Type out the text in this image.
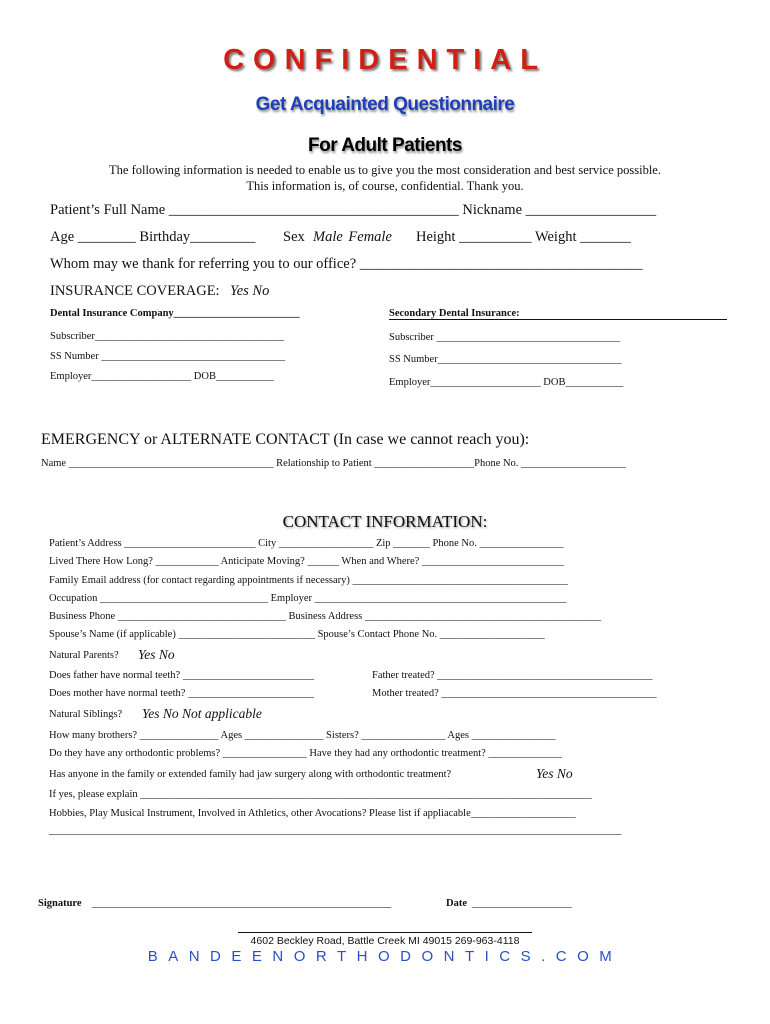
CONFIDENTIAL
Get Acquainted Questionnaire
For Adult Patients
The following information is needed to enable us to give you the most consideration and best service possible.
This information is, of course, confidential. Thank you.
Patient’s Full Name ________________________________________ Nickname __________________
Age ________ Birthday_________ Sex Male Female Height __________ Weight _______
Whom may we thank for referring you to our office? _______________________________________
INSURANCE COVERAGE: Yes No
Dental Insurance Company________________________	Secondary Dental Insurance:
Subscriber____________________________________	Subscriber ___________________________________
SS Number ___________________________________	SS Number___________________________________
Employer___________________ DOB___________
Employer_____________________ DOB___________
EMERGENCY or ALTERNATE CONTACT (In case we cannot reach you):
Name _______________________________________ Relationship to Patient ___________________Phone No. ____________________
CONTACT INFORMATION:
Patient’s Address _________________________ City __________________ Zip _______ Phone No. ________________
Lived There How Long? ____________ Anticipate Moving? ______ When and Where? ___________________________
Family Email address (for contact regarding appointments if necessary) _________________________________________
Occupation ________________________________ Employer ________________________________________________
Business Phone ________________________________ Business Address _____________________________________________
Spouse’s Name (if applicable) __________________________ Spouse’s Contact Phone No. ____________________
Natural Parents? Yes No
Does father have normal teeth? _________________________	Father treated? _________________________________________
Does mother have normal teeth? ________________________	Mother treated? _________________________________________
Natural Siblings? Yes No Not applicable
How many brothers? _______________ Ages _______________ Sisters? ________________ Ages ________________
Do they have any orthodontic problems? ________________ Have they had any orthodontic treatment? ______________
Has anyone in the family or extended family had jaw surgery along with orthodontic treatment?	Yes No
If yes, please explain ______________________________________________________________________________________
Hobbies, Play Musical Instrument, Involved in Athletics, other Avocations? Please list if appliacable____________________
_____________________________________________________________________________________________________________
Signature _________________________________________________________	Date ___________________
4602 Beckley Road, Battle Creek MI 49015 269-963-4118
BANDEENORTHODONTICS.COM
